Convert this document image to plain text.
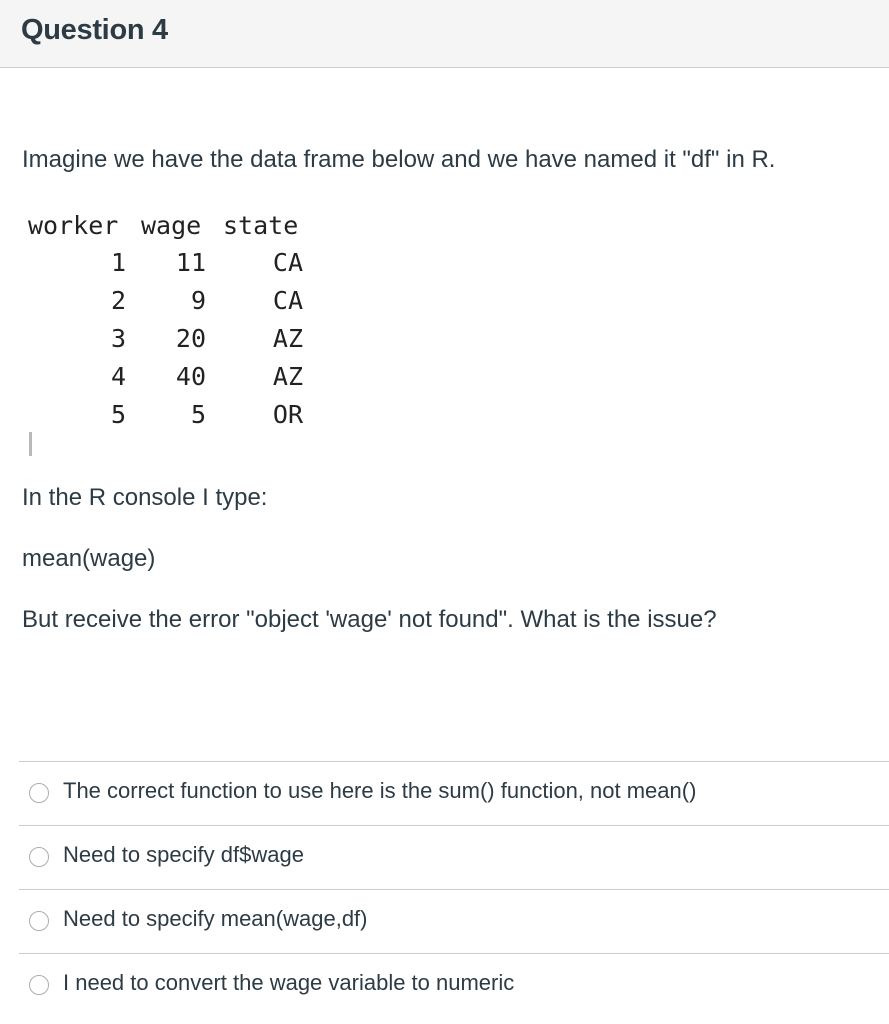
Question 4
Imagine we have the data frame below and we have named it "df" in R.
worker	wage	state
1	11	CA
2	9	CA
3	20	AZ
4	40	AZ
5	5	OR
In the R console I type:
mean(wage)
But receive the error "object 'wage' not found". What is the issue?
The correct function to use here is the sum() function, not mean()
Need to specify df$wage
Need to specify mean(wage,df)
I need to convert the wage variable to numeric
